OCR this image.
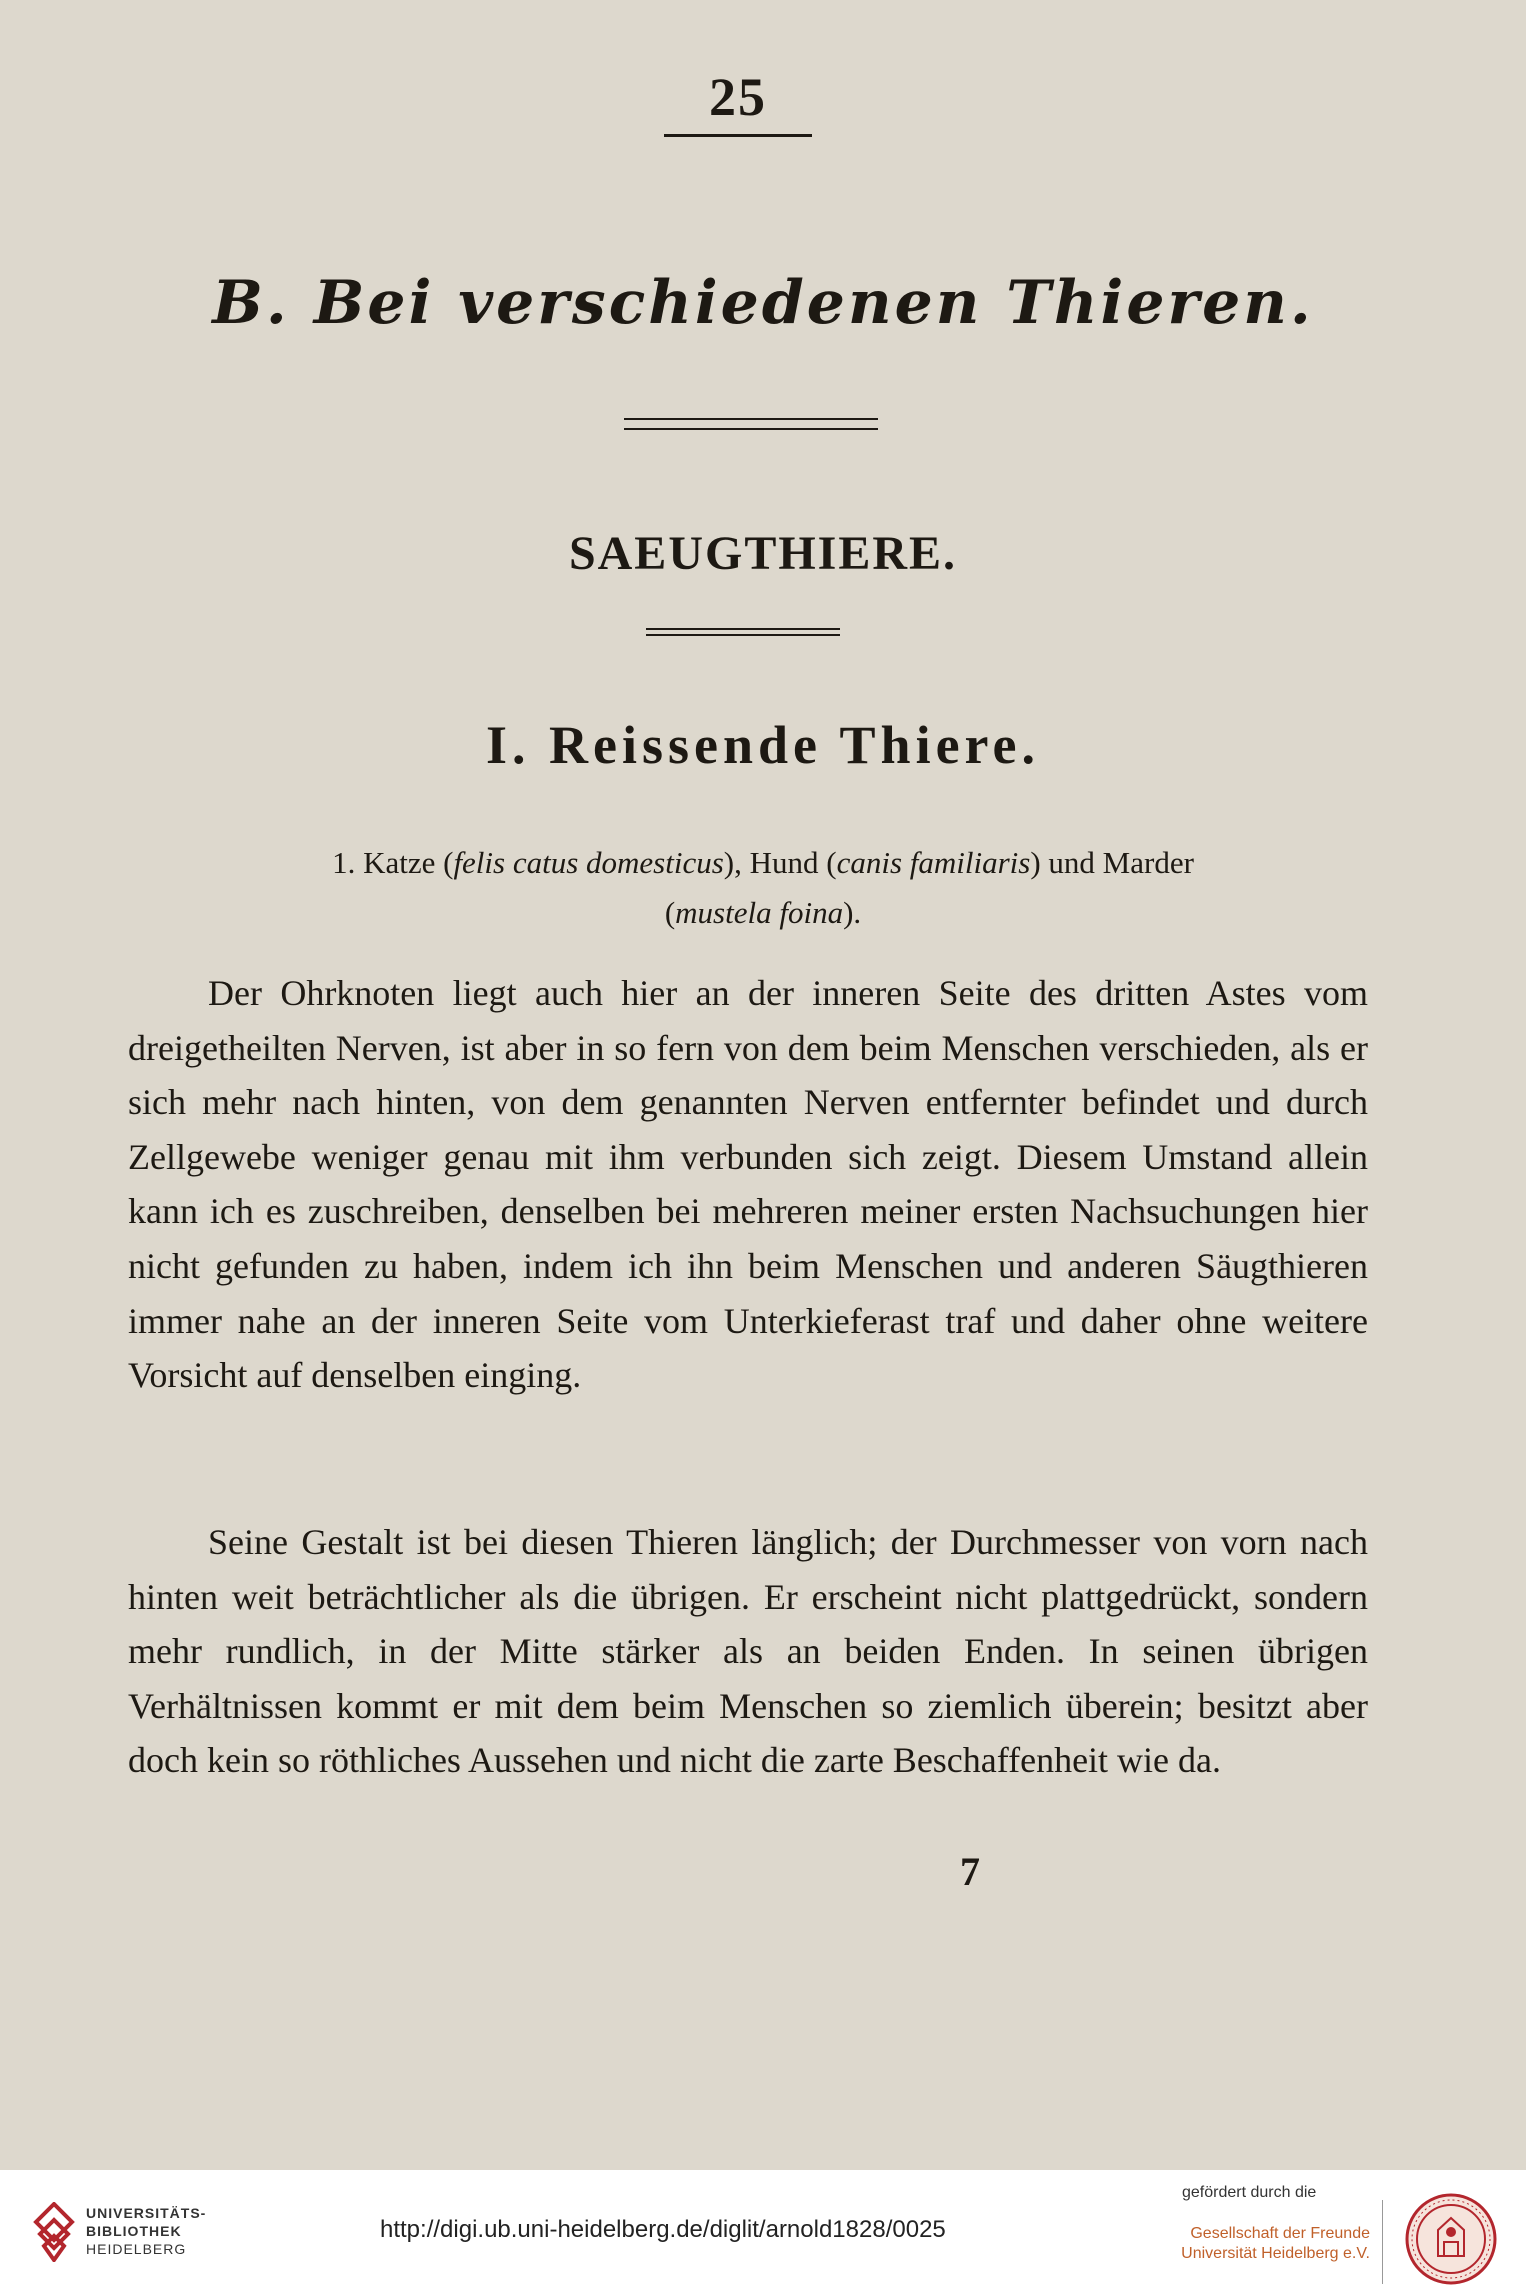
25
B. Bei verschiedenen Thieren.
SAEUGTHIERE.
I. Reissende Thiere.
1. Katze (felis catus domesticus), Hund (canis familiaris) und Marder
(mustela foina).
Der Ohrknoten liegt auch hier an der inneren Seite des dritten Astes vom dreigetheilten Nerven, ist aber in so fern von dem beim Menschen verschieden, als er sich mehr nach hinten, von dem genannten Nerven entfernter befindet und durch Zellgewebe weniger genau mit ihm verbunden sich zeigt. Diesem Umstand allein kann ich es zuschreiben, denselben bei mehreren meiner ersten Nachsuchungen hier nicht gefunden zu haben, indem ich ihn beim Menschen und anderen Säugthieren immer nahe an der inneren Seite vom Unterkieferast traf und daher ohne weitere Vorsicht auf denselben einging.
Seine Gestalt ist bei diesen Thieren länglich; der Durchmesser von vorn nach hinten weit beträchtlicher als die übrigen. Er erscheint nicht plattgedrückt, sondern mehr rundlich, in der Mitte stärker als an beiden Enden. In seinen übrigen Verhältnissen kommt er mit dem beim Menschen so ziemlich überein; besitzt aber doch kein so röthliches Aussehen und nicht die zarte Beschaffenheit wie da.
7
UNIVERSITÄTS-
BIBLIOTHEK
HEIDELBERG
http://digi.ub.uni-heidelberg.de/diglit/arnold1828/0025
gefördert durch die
Gesellschaft der Freunde
Universität Heidelberg e.V.
